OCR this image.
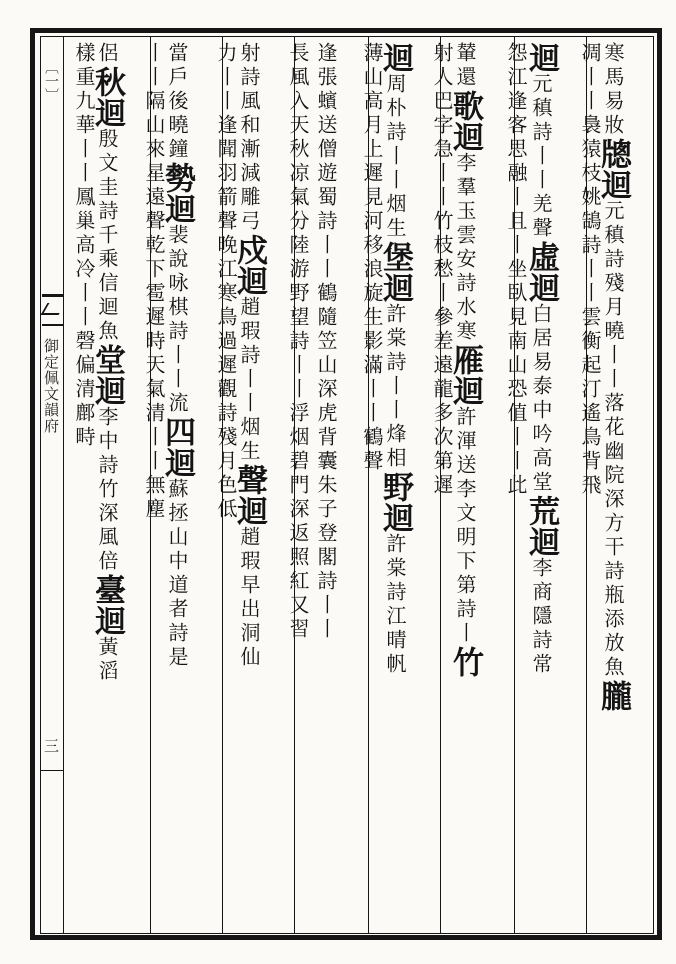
〔一〕
御定佩文韻府
三
寒馬易妝牕迴元稹詩殘月曉丨丨落花幽院深方干詩瓶添放魚朧
凋丨丨裊猿枝姚鵠詩丨丨雲衡起汀遙鳥背飛
迴元稹詩丨丨羌聲虛迴白居易泰中吟高堂荒迴李商隱詩常
怨江逢客思融丨且丨坐臥見南山恐值丨丨此
輦還歌迴李羣玉雲安詩水寒雁迴許渾送李文明下第詩丨竹
射人巴字急丨丨竹枝愁丨參差遠龍多次第遲
迴周朴詩丨丨烟生堡迴許棠詩丨丨烽相野迴許棠詩江晴帆
薄山高月上遲見河移浪旋生影滿丨丨鶴聲
逢張蠙送僧遊蜀詩丨丨鶴隨笠山深虎背囊朱子登閣詩丨丨
長風入天秋凉氣分陸游野望詩丨丨浮烟碧門深返照紅又習
射詩風和漸減雕弓戍迴趙瑕詩丨丨烟生聲迴趙瑕早出洞仙
力丨丨逢聞羽箭聲晚江寒鳥過遲觀詩殘月色低
當戶後曉鐘勢迴裴說咏棋詩丨丨流四迴蘇拯山中道者詩是
丨丨隔山來星遠聲乾下雹遲時天氣清丨丨無塵
侶秋迴殷文圭詩千乘信迴魚堂迴李中詩竹深風倍臺迴黃滔
樣重九華丨丨鳳巢高冷丨丨磬偏清鄜畤
